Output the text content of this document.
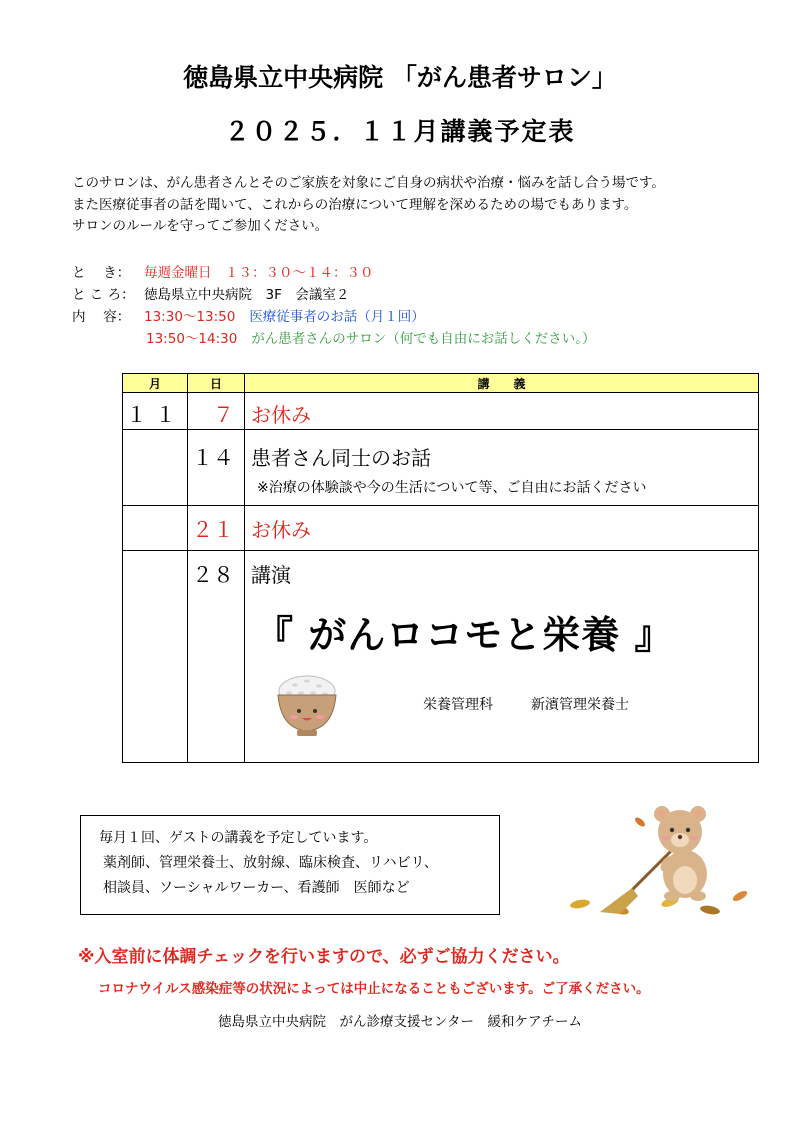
徳島県立中央病院 「がん患者サロン」
２０２５．１１月講義予定表
このサロンは、がん患者さんとそのご家族を対象にご自身の病状や治療・悩みを話し合う場です。
また医療従事者の話を聞いて、これからの治療について理解を深めるための場でもあります。
サロンのルールを守ってご参加ください。
と　 き： 毎週金曜日　１３：３０～１４：３０
と こ ろ： 徳島県立中央病院　3F　会議室２
内　 容： 13:30～13:50 医療従事者のお話（月１回）
13:50～14:30 がん患者さんのサロン（何でも自由にお話しください。）
月	日	講　　義
１１	７	お休み

	１４	患者さん同士のお話
※治療の体験談や今の生活について等、ご自由にお話ください

	２１	お休み

	２８	講演
『 がんロコモと栄養 』
栄養管理科 新濱管理栄養士
毎月１回、ゲストの講義を予定しています。
薬剤師、管理栄養士、放射線、臨床検査、リハビリ、
相談員、ソーシャルワーカー、看護師　医師など
※入室前に体調チェックを行いますので、必ずご協力ください。
コロナウイルス感染症等の状況によっては中止になることもございます。ご了承ください。
徳島県立中央病院　がん診療支援センター　緩和ケアチーム
